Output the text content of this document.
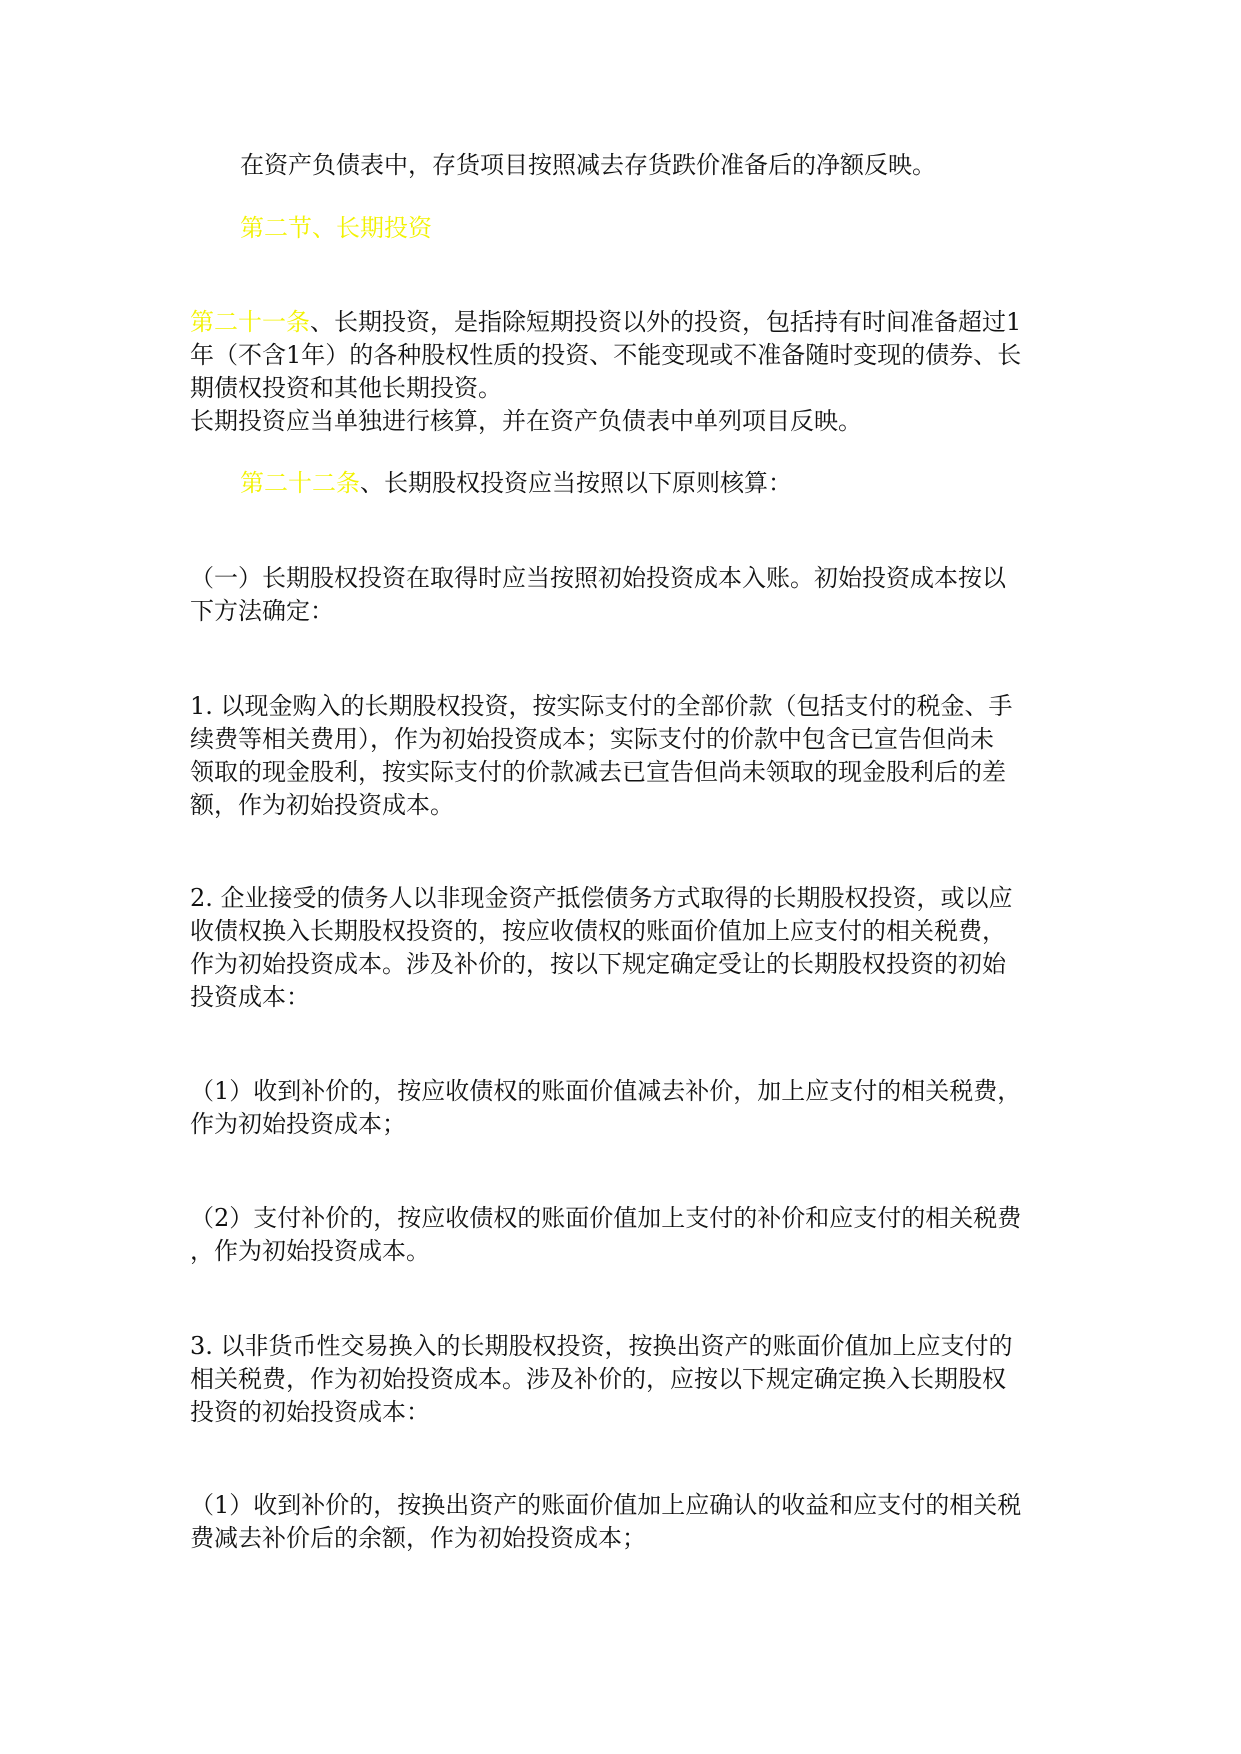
在资产负债表中，存货项目按照减去存货跌价准备后的净额反映。
第二节、长期投资
第二十一条、长期投资，是指除短期投资以外的投资，包括持有时间准备超过1
年（不含1年）的各种股权性质的投资、不能变现或不准备随时变现的债券、长
期债权投资和其他长期投资。
长期投资应当单独进行核算，并在资产负债表中单列项目反映。
第二十二条、长期股权投资应当按照以下原则核算：
（一）长期股权投资在取得时应当按照初始投资成本入账。初始投资成本按以
下方法确定：
1. 以现金购入的长期股权投资，按实际支付的全部价款（包括支付的税金、手
续费等相关费用），作为初始投资成本；实际支付的价款中包含已宣告但尚未
领取的现金股利，按实际支付的价款减去已宣告但尚未领取的现金股利后的差
额，作为初始投资成本。
2. 企业接受的债务人以非现金资产抵偿债务方式取得的长期股权投资，或以应
收债权换入长期股权投资的，按应收债权的账面价值加上应支付的相关税费，
作为初始投资成本。涉及补价的，按以下规定确定受让的长期股权投资的初始
投资成本：
（1）收到补价的，按应收债权的账面价值减去补价，加上应支付的相关税费，
作为初始投资成本；
（2）支付补价的，按应收债权的账面价值加上支付的补价和应支付的相关税费
，作为初始投资成本。
3. 以非货币性交易换入的长期股权投资，按换出资产的账面价值加上应支付的
相关税费，作为初始投资成本。涉及补价的，应按以下规定确定换入长期股权
投资的初始投资成本：
（1）收到补价的，按换出资产的账面价值加上应确认的收益和应支付的相关税
费减去补价后的余额，作为初始投资成本；
